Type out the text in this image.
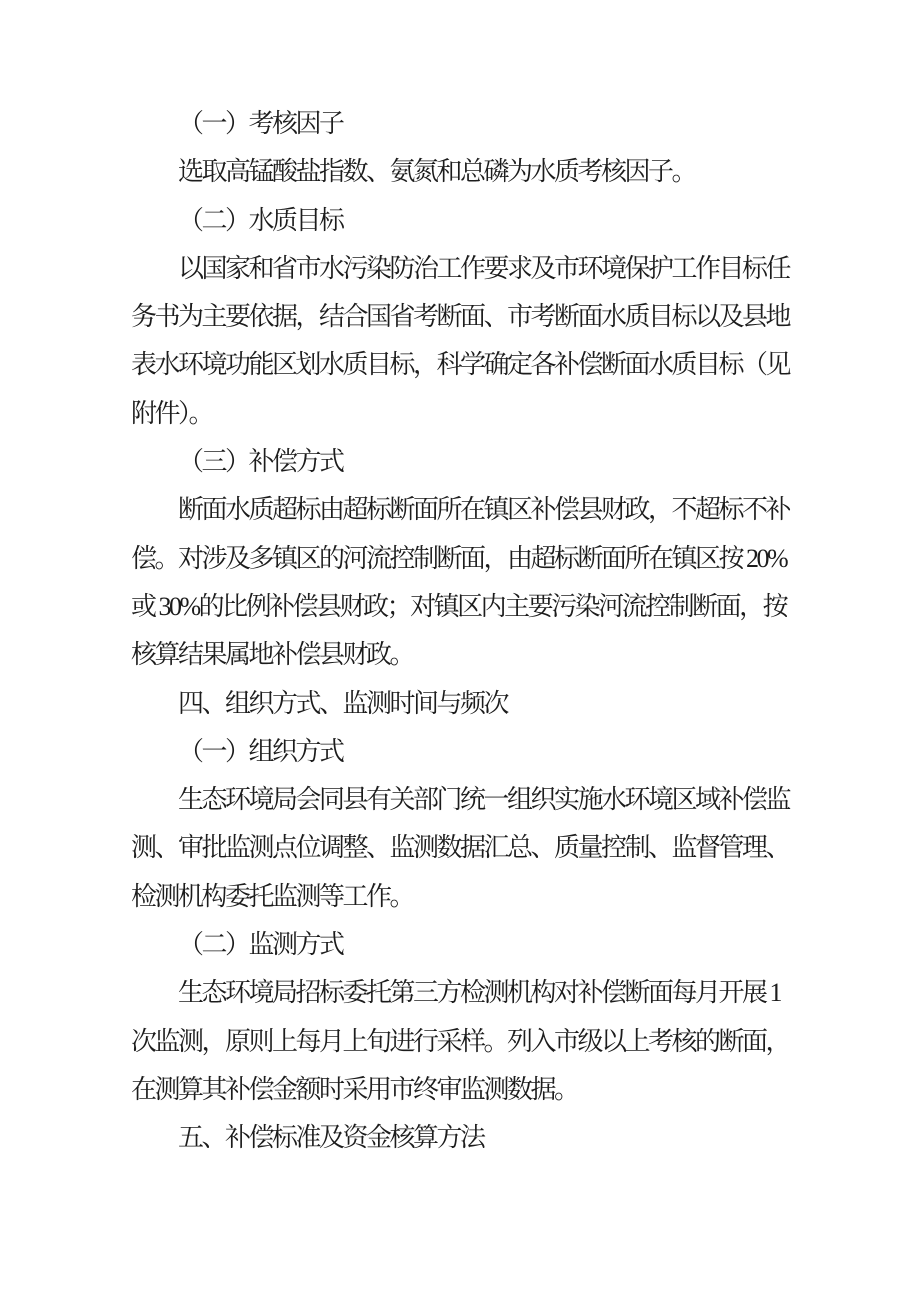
（一）考核因子
选取高锰酸盐指数、氨氮和总磷为水质考核因子。
（二）水质目标
以国家和省市水污染防治工作要求及市环境保护工作目标任
务书为主要依据，结合国省考断面、市考断面水质目标以及县地
表水环境功能区划水质目标，科学确定各补偿断面水质目标（见
附件）。
（三）补偿方式
断面水质超标由超标断面所在镇区补偿县财政，不超标不补
偿。对涉及多镇区的河流控制断面，由超标断面所在镇区按 20%
或 30%的比例补偿县财政；对镇区内主要污染河流控制断面，按
核算结果属地补偿县财政。
四、组织方式、监测时间与频次
（一）组织方式
生态环境局会同县有关部门统一组织实施水环境区域补偿监
测、审批监测点位调整、监测数据汇总、质量控制、监督管理、
检测机构委托监测等工作。
（二）监测方式
生态环境局招标委托第三方检测机构对补偿断面每月开展 1
次监测，原则上每月上旬进行采样。列入市级以上考核的断面，
在测算其补偿金额时采用市终审监测数据。
五、补偿标准及资金核算方法
